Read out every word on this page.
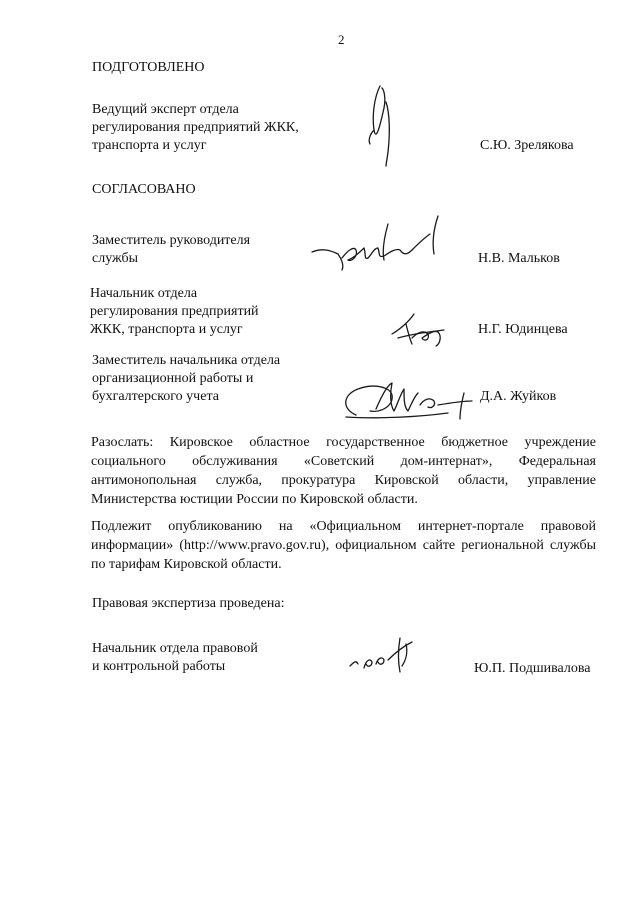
2
ПОДГОТОВЛЕНО
Ведущий эксперт отдела
регулирования предприятий ЖКК,
транспорта и услуг	С.Ю. Зрелякова
СОГЛАСОВАНО
Заместитель руководителя
службы	Н.В. Мальков
Начальник отдела
регулирования предприятий
ЖКК, транспорта и услуг	Н.Г. Юдинцева
Заместитель начальника отдела
организационной работы и
бухгалтерского учета	Д.А. Жуйков
Разослать: Кировское областное государственное бюджетное учреждение социального обслуживания «Советский дом-интернат», Федеральная антимонопольная служба, прокуратура Кировской области, управление Министерства юстиции России по Кировской области.
Подлежит опубликованию на «Официальном интернет-портале правовой информации» (http://www.pravo.gov.ru), официальном сайте региональной службы по тарифам Кировской области.
Правовая экспертиза проведена:
Начальник отдела правовой
и контрольной работы	Ю.П. Подшивалова
